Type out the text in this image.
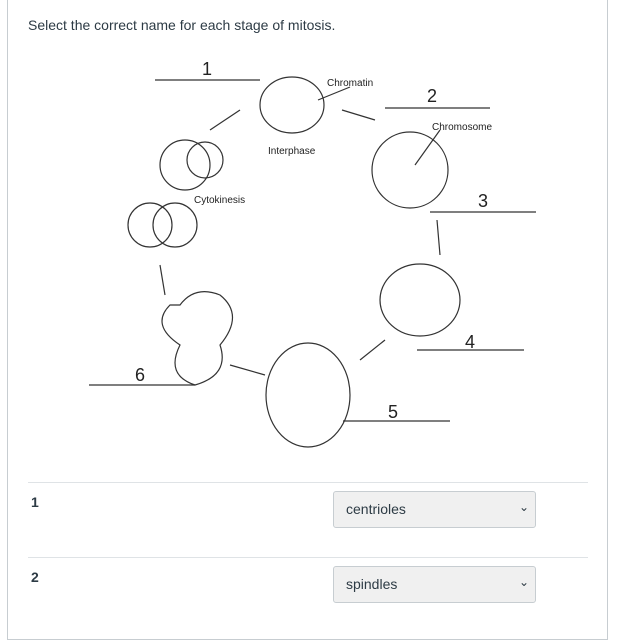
Select the correct name for each stage of mitosis.
1
2
3
4
5
6
Chromatin
Chromosome
Interphase
Cytokinesis
1	centrioles	⌄
2	spindles	⌄
